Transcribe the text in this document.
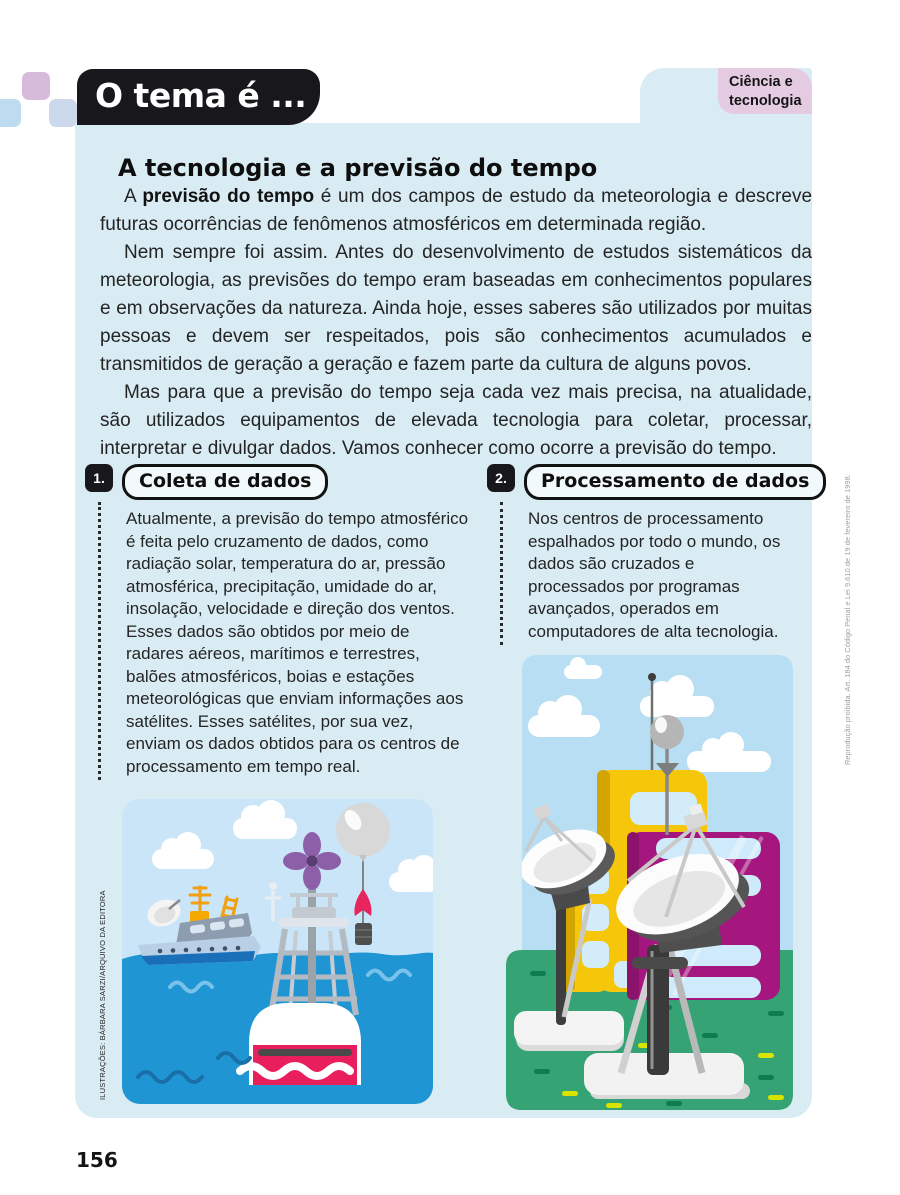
O tema é ...	Ciência e tecnologia
A tecnologia e a previsão do tempo

A previsão do tempo é um dos campos de estudo da meteorologia e descreve futuras ocorrências de fenômenos atmosféricos em determinada região.

Nem sempre foi assim. Antes do desenvolvimento de estudos sistemáticos da meteorologia, as previsões do tempo eram baseadas em conhecimentos populares e em observações da natureza. Ainda hoje, esses saberes são utilizados por muitas pessoas e devem ser respeitados, pois são conhecimentos acumulados e transmitidos de geração a geração e fazem parte da cultura de alguns povos.

Mas para que a previsão do tempo seja cada vez mais precisa, na atualidade, são utilizados equipamentos de elevada tecnologia para coletar, processar, interpretar e divulgar dados. Vamos conhecer como ocorre a previsão do tempo.

1.	Coleta de dados
Atualmente, a previsão do tempo atmosférico é feita pelo cruzamento de dados, como radiação solar, temperatura do ar, pressão atmosférica, precipitação, umidade do ar, insolação, velocidade e direção dos ventos. Esses dados são obtidos por meio de radares aéreos, marítimos e terrestres, balões atmosféricos, boias e estações meteorológicas que enviam informações aos satélites. Esses satélites, por sua vez, enviam os dados obtidos para os centros de processamento em tempo real.
2.	Processamento de dados
Nos centros de processamento espalhados por todo o mundo, os dados são cruzados e processados por programas avançados, operados em computadores de alta tecnologia.
ILUSTRAÇÕES: BÁRBARA SARZI/ARQUIVO DA EDITORA
Reprodução proibida. Art. 184 do Código Penal e Lei 9.610 de 19 de fevereiro de 1998.
156
